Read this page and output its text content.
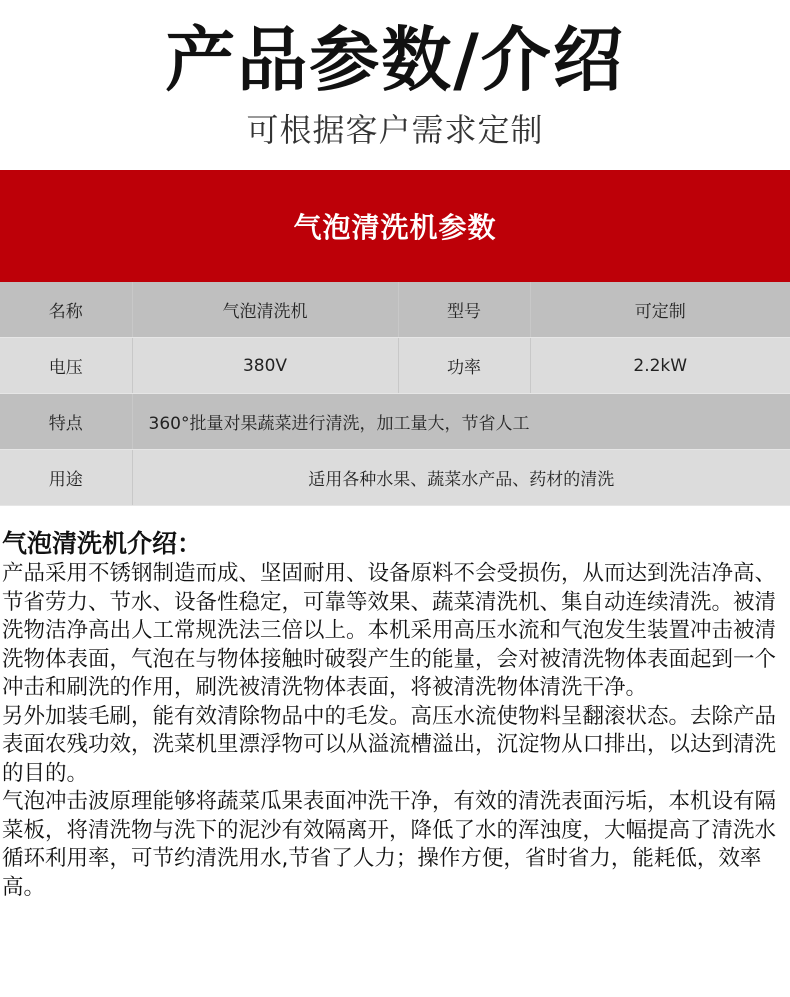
产品参数/介绍
可根据客户需求定制
气泡清洗机参数
名称	气泡清洗机	型号	可定制
电压	380V	功率	2.2kW
特点	360°批量对果蔬菜进行清洗，加工量大，节省人工		
用途	适用各种水果、蔬菜水产品、药材的清洗		
气泡清洗机介绍：

产品采用不锈钢制造而成、坚固耐用、设备原料不会受损伤，从而达到洗洁净高、节省劳力、节水、设备性稳定，可靠等效果、蔬菜清洗机、集自动连续清洗。被清洗物洁净高出人工常规洗法三倍以上。本机采用高压水流和气泡发生装置冲击被清洗物体表面，气泡在与物体接触时破裂产生的能量，会对被清洗物体表面起到一个冲击和刷洗的作用，刷洗被清洗物体表面，将被清洗物体清洗干净。

另外加装毛刷，能有效清除物品中的毛发。高压水流使物料呈翻滚状态。去除产品表面农残功效，洗菜机里漂浮物可以从溢流槽溢出，沉淀物从口排出，以达到清洗的目的。

气泡冲击波原理能够将蔬菜瓜果表面冲洗干净，有效的清洗表面污垢，本机设有隔菜板，将清洗物与洗下的泥沙有效隔离开，降低了水的浑浊度，大幅提高了清洗水循环利用率，可节约清洗用水,节省了人力；操作方便，省时省力，能耗低，效率高。
